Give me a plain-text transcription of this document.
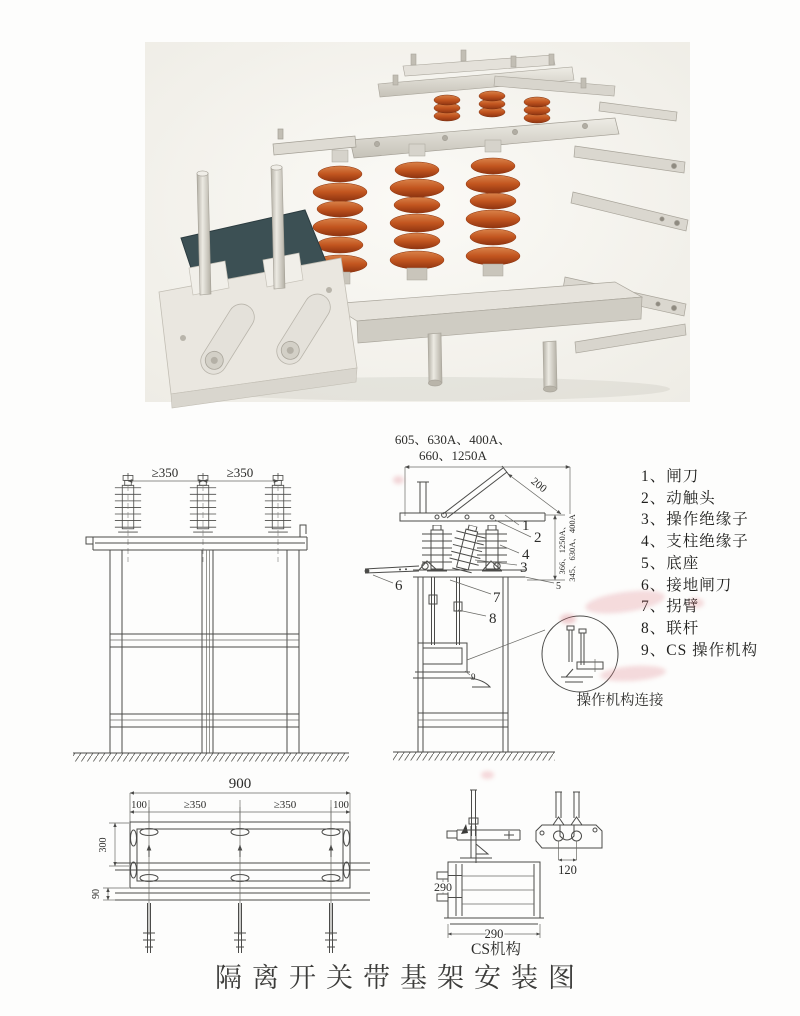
≥350	≥350
605、630A、400A、
660、1250A
200
366、1250A、 345、630A、400A
1
2
4
3
5
6
7
8
9
操作机构连接
1、闸刀
2、动触头
3、操作绝缘子
4、支柱绝缘子
5、底座
6、接地闸刀
7、拐臂
8、联杆
9、CS 操作机构
900
100	≥350	≥350	100
300
90	290
290
120
CS机构
隔离开关带基架安装图
